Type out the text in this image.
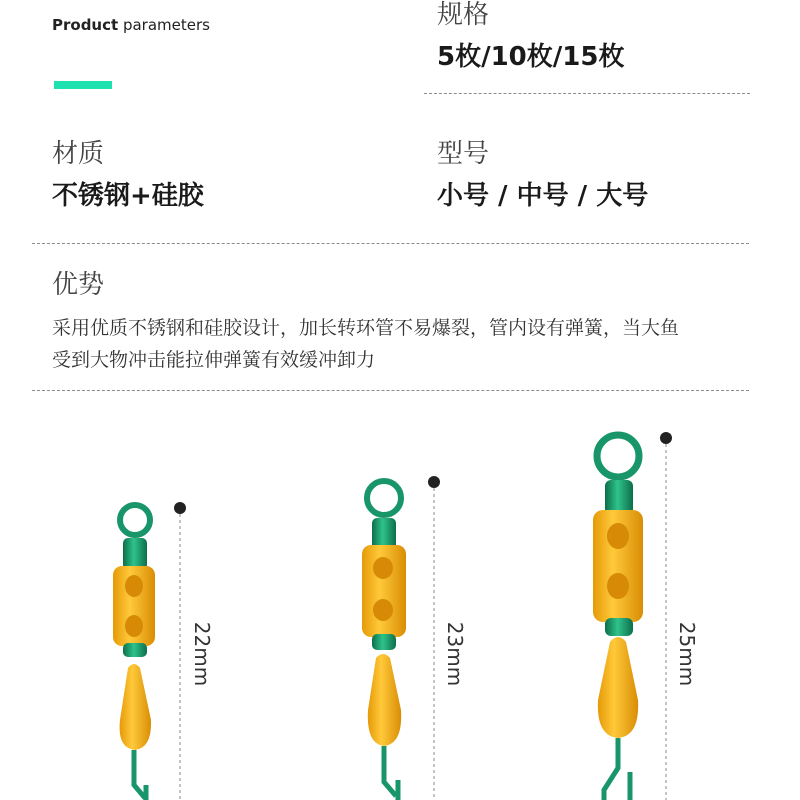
Product parameters	规格
5枚/10枚/15枚
材质
不锈钢+硅胶
型号
小号 / 中号 / 大号
优势
采用优质不锈钢和硅胶设计，加长转环管不易爆裂，管内设有弹簧，当大鱼
受到大物冲击能拉伸弹簧有效缓冲卸力
22mm	23mm	25mm
